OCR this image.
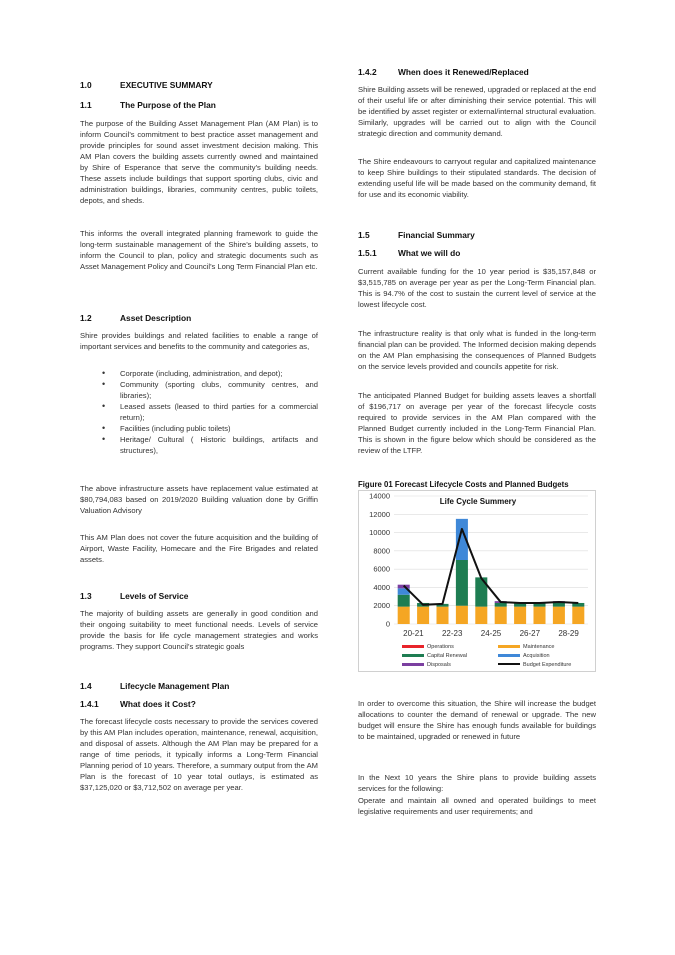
1.0	EXECUTIVE SUMMARY
1.1	The Purpose of the Plan
The purpose of the Building Asset Management Plan (AM Plan) is to inform Council’s commitment to best practice asset management and provide principles for sound asset investment decision making. This AM Plan covers the building assets currently owned and maintained by Shire of Esperance that serve the community’s building needs. These assets include buildings that support sporting clubs, civic and administration buildings, libraries, community centres, public toilets, depots, and sheds.
This informs the overall integrated planning framework to guide the long-term sustainable management of the Shire’s building assets, to inform the Council to plan, policy and strategic documents such as Asset Management Policy and Council’s Long Term Financial Plan etc.
1.2	Asset Description
Shire provides buildings and related facilities to enable a range of important services and benefits to the community and categories as,
• Corporate (including, administration, and depot);
• Community (sporting clubs, community centres, and libraries);
• Leased assets (leased to third parties for a commercial return);
• Facilities (including public toilets)
• Heritage/ Cultural ( Historic buildings, artifacts and structures),
The above infrastructure assets have replacement value estimated at $80,794,083 based on 2019/2020 Building valuation done by Griffin Valuation Advisory
This AM Plan does not cover the future acquisition and the building of Airport, Waste Facility, Homecare and the Fire Brigades and related assets.
1.3	Levels of Service
The majority of building assets are generally in good condition and their ongoing suitability to meet functional needs. Levels of service provide the basis for life cycle management strategies and works programs. They support Council’s strategic goals
1.4	Lifecycle Management Plan
1.4.1	What does it Cost?
The forecast lifecycle costs necessary to provide the services covered by this AM Plan includes operation, maintenance, renewal, acquisition, and disposal of assets. Although the AM Plan may be prepared for a range of time periods, it typically informs a Long-Term Financial Planning period of 10 years. Therefore, a summary output from the AM Plan is the forecast of 10 year total outlays, is estimated as $37,125,020 or $3,712,502 on average per year.
1.4.2	When does it Renewed/Replaced
Shire Building assets will be renewed, upgraded or replaced at the end of their useful life or after diminishing their service potential. This will be identified by asset register or external/internal structural evaluation. Similarly, upgrades will be carried out to align with the Council strategic direction and community demand.
The Shire endeavours to carryout regular and capitalized maintenance to keep Shire buildings to their stipulated standards. The decision of extending useful life will be made based on the community demand, fit for use and its economic viability.
1.5	Financial Summary
1.5.1	What we will do
Current available funding for the 10 year period is $35,157,848 or $3,515,785 on average per year as per the Long-Term Financial plan. This is 94.7% of the cost to sustain the current level of service at the lowest lifecycle cost.
The infrastructure reality is that only what is funded in the long-term financial plan can be provided. The Informed decision making depends on the AM Plan emphasising the consequences of Planned Budgets on the service levels provided and councils appetite for risk.
The anticipated Planned Budget for building assets leaves a shortfall of $196,717 on average per year of the forecast lifecycle costs required to provide services in the AM Plan compared with the Planned Budget currently included in the Long-Term Financial Plan. This is shown in the figure below which should be considered as the review of the LTFP.
Figure 01 Forecast Lifecycle Costs and Planned Budgets
Life Cycle Summery
14000
12000
10000
8000
6000
4000
2000
0
20-21 22-23 24-25 26-27 28-29
Operations	Maintenance
Capital Renewal	Acquisition
Disposals	Budget Expenditure
In order to overcome this situation, the Shire will increase the budget allocations to counter the demand of renewal or upgrade. The new budget will ensure the Shire has enough funds available for buildings to be maintained, upgraded or renewed in future
In the Next 10 years the Shire plans to provide building assets services for the following:
Operate and maintain all owned and operated buildings to meet legislative requirements and user requirements; and
